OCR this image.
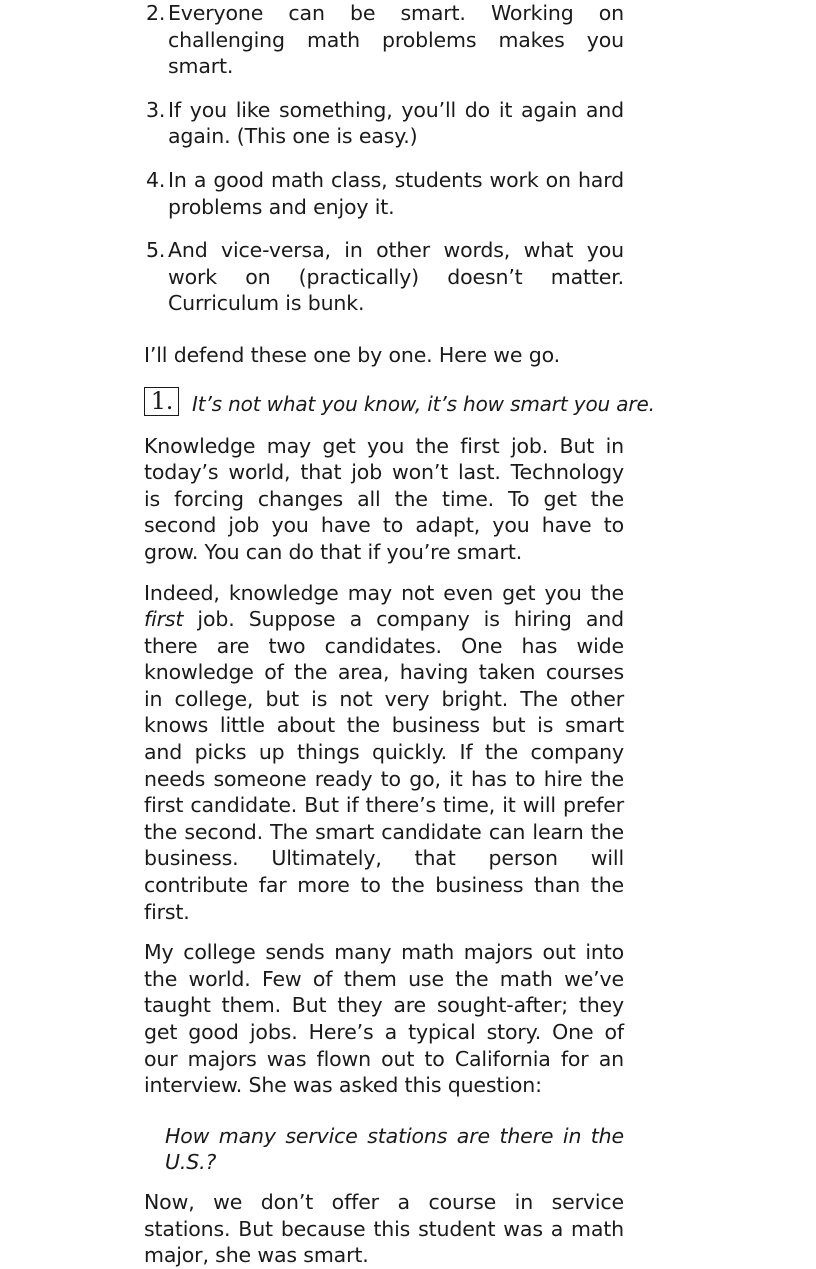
2. Everyone can be smart. Working on challenging math problems makes you smart.
3. If you like something, you’ll do it again and again. (This one is easy.)
4. In a good math class, students work on hard problems and enjoy it.
5. And vice-versa, in other words, what you work on (practically) doesn’t matter. Curriculum is bunk.

I’ll defend these one by one. Here we go.

1. It’s not what you know, it’s how smart you are.

Knowledge may get you the first job. But in today’s world, that job won’t last. Technology is forcing changes all the time. To get the second job you have to adapt, you have to grow. You can do that if you’re smart.

Indeed, knowledge may not even get you the first job. Suppose a company is hiring and there are two candidates. One has wide knowledge of the area, having taken courses in college, but is not very bright. The other knows little about the business but is smart and picks up things quickly. If the company needs someone ready to go, it has to hire the first candidate. But if there’s time, it will prefer the second. The smart candidate can learn the business. Ultimately, that person will contribute far more to the business than the first.

My college sends many math majors out into the world. Few of them use the math we’ve taught them. But they are sought-after; they get good jobs. Here’s a typical story. One of our majors was flown out to California for an interview. She was asked this question:

How many service stations are there in the U.S.?

Now, we don’t offer a course in service stations. But because this student was a math major, she was smart.
